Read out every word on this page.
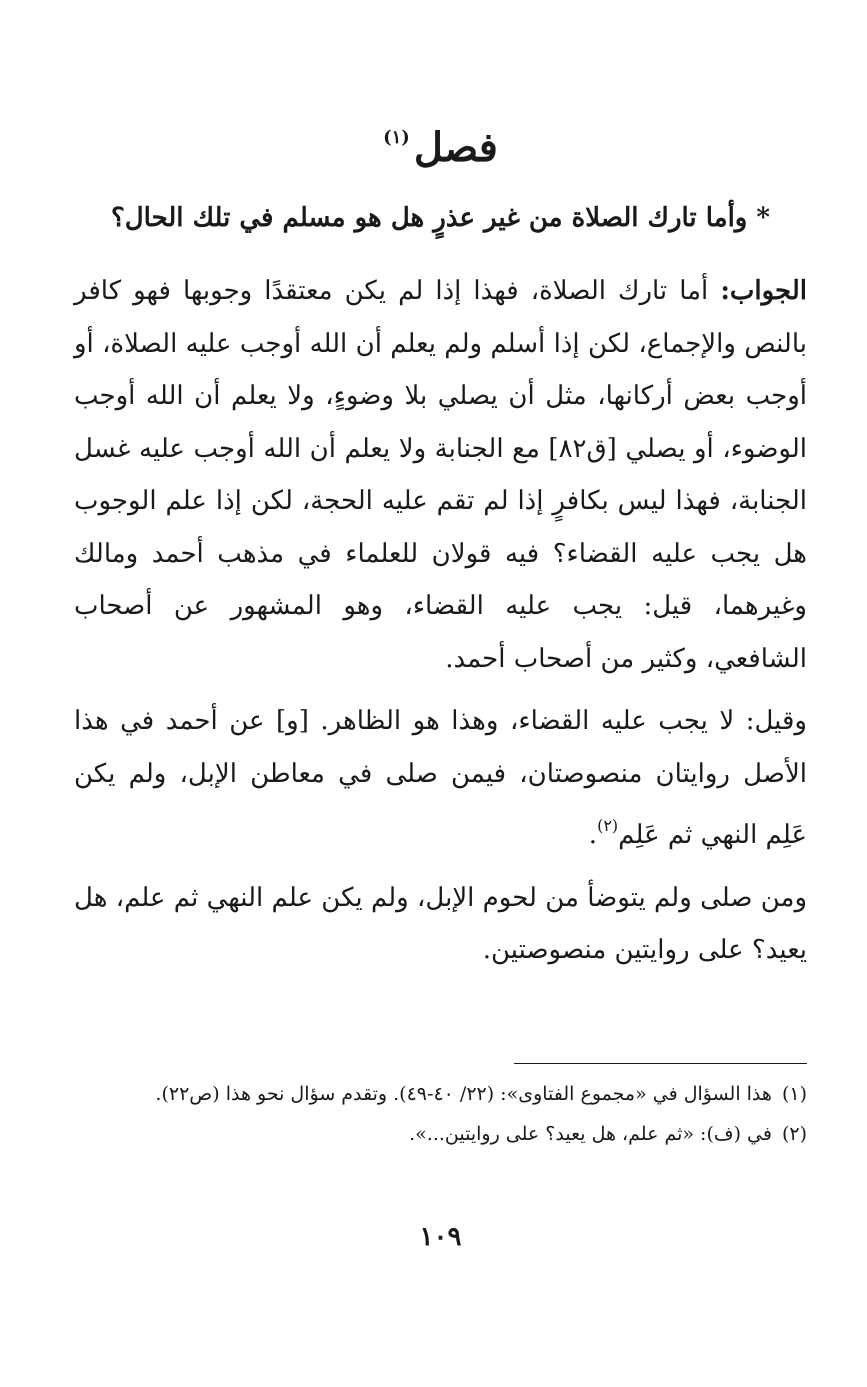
فصل$^{(١)}$

* وأما تارك الصلاة من غير عذرٍ هل هو مسلم في تلك الحال؟

الجواب: أما تارك الصلاة، فهذا إذا لم يكن معتقدًا وجوبها فهو كافر بالنص والإجماع، لكن إذا أسلم ولم يعلم أن الله أوجب عليه الصلاة، أو أوجب بعض أركانها، مثل أن يصلي بلا وضوءٍ، ولا يعلم أن الله أوجب الوضوء، أو يصلي [ق٨٢] مع الجنابة ولا يعلم أن الله أوجب عليه غسل الجنابة، فهذا ليس بكافرٍ إذا لم تقم عليه الحجة، لكن إذا علم الوجوب هل يجب عليه القضاء؟ فيه قولان للعلماء في مذهب أحمد ومالك وغيرهما، قيل: يجب عليه القضاء، وهو المشهور عن أصحاب الشافعي، وكثير من أصحاب أحمد.

وقيل: لا يجب عليه القضاء، وهذا هو الظاهر. [و] عن أحمد في هذا الأصل روايتان منصوصتان، فيمن صلى في معاطن الإبل، ولم يكن عَلِم النهي ثم عَلِم$^{(٢)}$.

ومن صلى ولم يتوضأ من لحوم الإبل، ولم يكن علم النهي ثم علم، هل يعيد؟ على روايتين منصوصتين.

(١)هذا السؤال في «مجموع الفتاوى»: (٢٢/ ٤٠-٤٩). وتقدم سؤال نحو هذا (ص٢٢).

(٢)في (ف): «ثم علم، هل يعيد؟ على روايتين...».

١٠٩
